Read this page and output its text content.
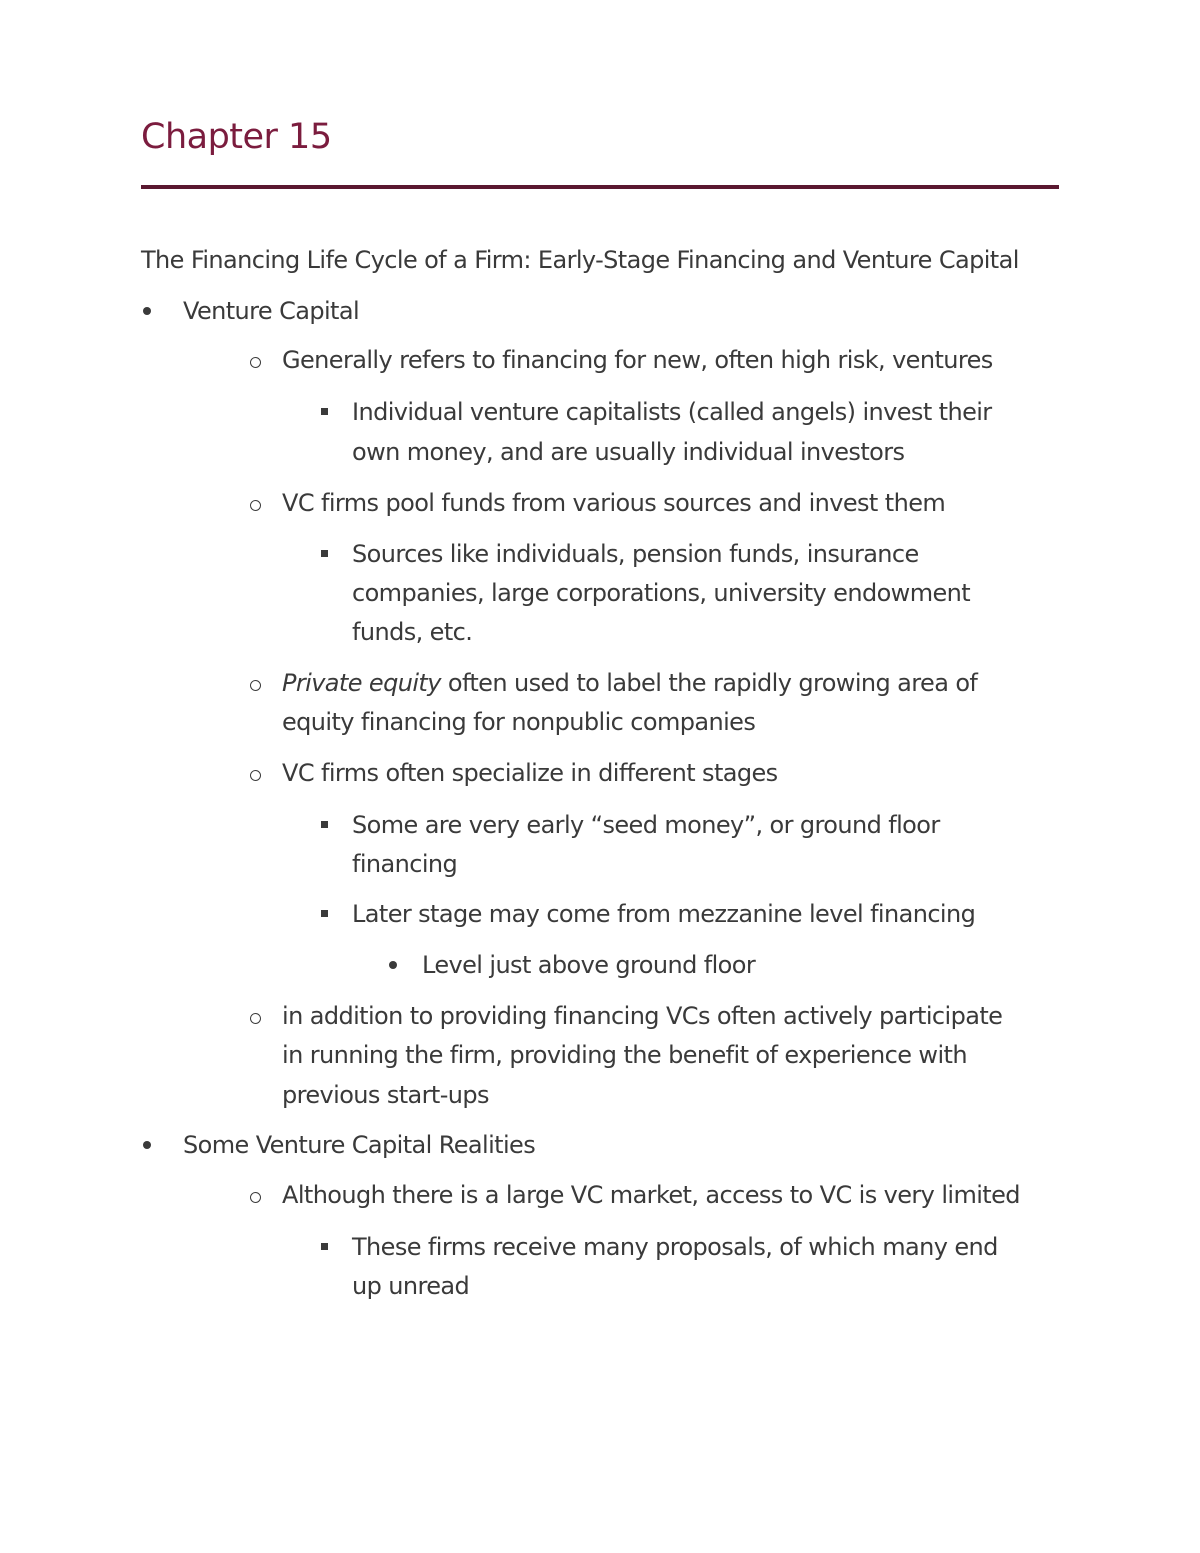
Chapter 15
The Financing Life Cycle of a Firm: Early-Stage Financing and Venture Capital
Venture Capital
Generally refers to financing for new, often high risk, ventures
Individual venture capitalists (called angels) invest their
own money, and are usually individual investors
VC firms pool funds from various sources and invest them
Sources like individuals, pension funds, insurance
companies, large corporations, university endowment
funds, etc.
Private equity often used to label the rapidly growing area of
equity financing for nonpublic companies
VC firms often specialize in different stages
Some are very early “seed money”, or ground floor
financing
Later stage may come from mezzanine level financing
Level just above ground floor
in addition to providing financing VCs often actively participate
in running the firm, providing the benefit of experience with
previous start-ups
Some Venture Capital Realities
Although there is a large VC market, access to VC is very limited
These firms receive many proposals, of which many end
up unread
